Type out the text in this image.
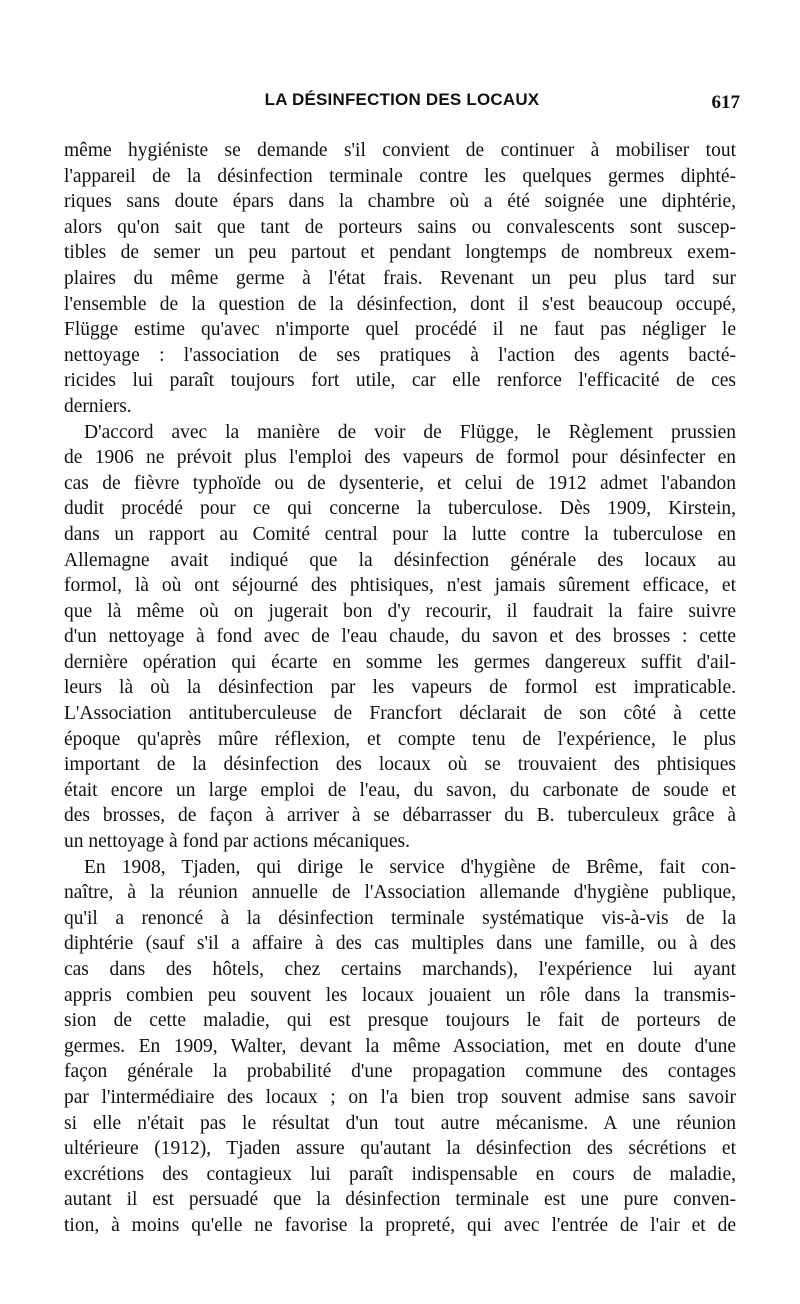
LA DÉSINFECTION DES LOCAUX	617
même hygiéniste se demande s'il convient de continuer à mobiliser tout
l'appareil de la désinfection terminale contre les quelques germes diphté-
riques sans doute épars dans la chambre où a été soignée une diphtérie,
alors qu'on sait que tant de porteurs sains ou convalescents sont suscep-
tibles de semer un peu partout et pendant longtemps de nombreux exem-
plaires du même germe à l'état frais. Revenant un peu plus tard sur
l'ensemble de la question de la désinfection, dont il s'est beaucoup occupé,
Flügge estime qu'avec n'importe quel procédé il ne faut pas négliger le
nettoyage : l'association de ses pratiques à l'action des agents bacté-
ricides lui paraît toujours fort utile, car elle renforce l'efficacité de ces
derniers.
D'accord avec la manière de voir de Flügge, le Règlement prussien
de 1906 ne prévoit plus l'emploi des vapeurs de formol pour désinfecter en
cas de fièvre typhoïde ou de dysenterie, et celui de 1912 admet l'abandon
dudit procédé pour ce qui concerne la tuberculose. Dès 1909, Kirstein,
dans un rapport au Comité central pour la lutte contre la tuberculose en
Allemagne avait indiqué que la désinfection générale des locaux au
formol, là où ont séjourné des phtisiques, n'est jamais sûrement efficace, et
que là même où on jugerait bon d'y recourir, il faudrait la faire suivre
d'un nettoyage à fond avec de l'eau chaude, du savon et des brosses : cette
dernière opération qui écarte en somme les germes dangereux suffit d'ail-
leurs là où la désinfection par les vapeurs de formol est impraticable.
L'Association antituberculeuse de Francfort déclarait de son côté à cette
époque qu'après mûre réflexion, et compte tenu de l'expérience, le plus
important de la désinfection des locaux où se trouvaient des phtisiques
était encore un large emploi de l'eau, du savon, du carbonate de soude et
des brosses, de façon à arriver à se débarrasser du B. tuberculeux grâce à
un nettoyage à fond par actions mécaniques.
En 1908, Tjaden, qui dirige le service d'hygiène de Brême, fait con-
naître, à la réunion annuelle de l'Association allemande d'hygiène publique,
qu'il a renoncé à la désinfection terminale systématique vis-à-vis de la
diphtérie (sauf s'il a affaire à des cas multiples dans une famille, ou à des
cas dans des hôtels, chez certains marchands), l'expérience lui ayant
appris combien peu souvent les locaux jouaient un rôle dans la transmis-
sion de cette maladie, qui est presque toujours le fait de porteurs de
germes. En 1909, Walter, devant la même Association, met en doute d'une
façon générale la probabilité d'une propagation commune des contages
par l'intermédiaire des locaux ; on l'a bien trop souvent admise sans savoir
si elle n'était pas le résultat d'un tout autre mécanisme. A une réunion
ultérieure (1912), Tjaden assure qu'autant la désinfection des sécrétions et
excrétions des contagieux lui paraît indispensable en cours de maladie,
autant il est persuadé que la désinfection terminale est une pure conven-
tion, à moins qu'elle ne favorise la propreté, qui avec l'entrée de l'air et de
